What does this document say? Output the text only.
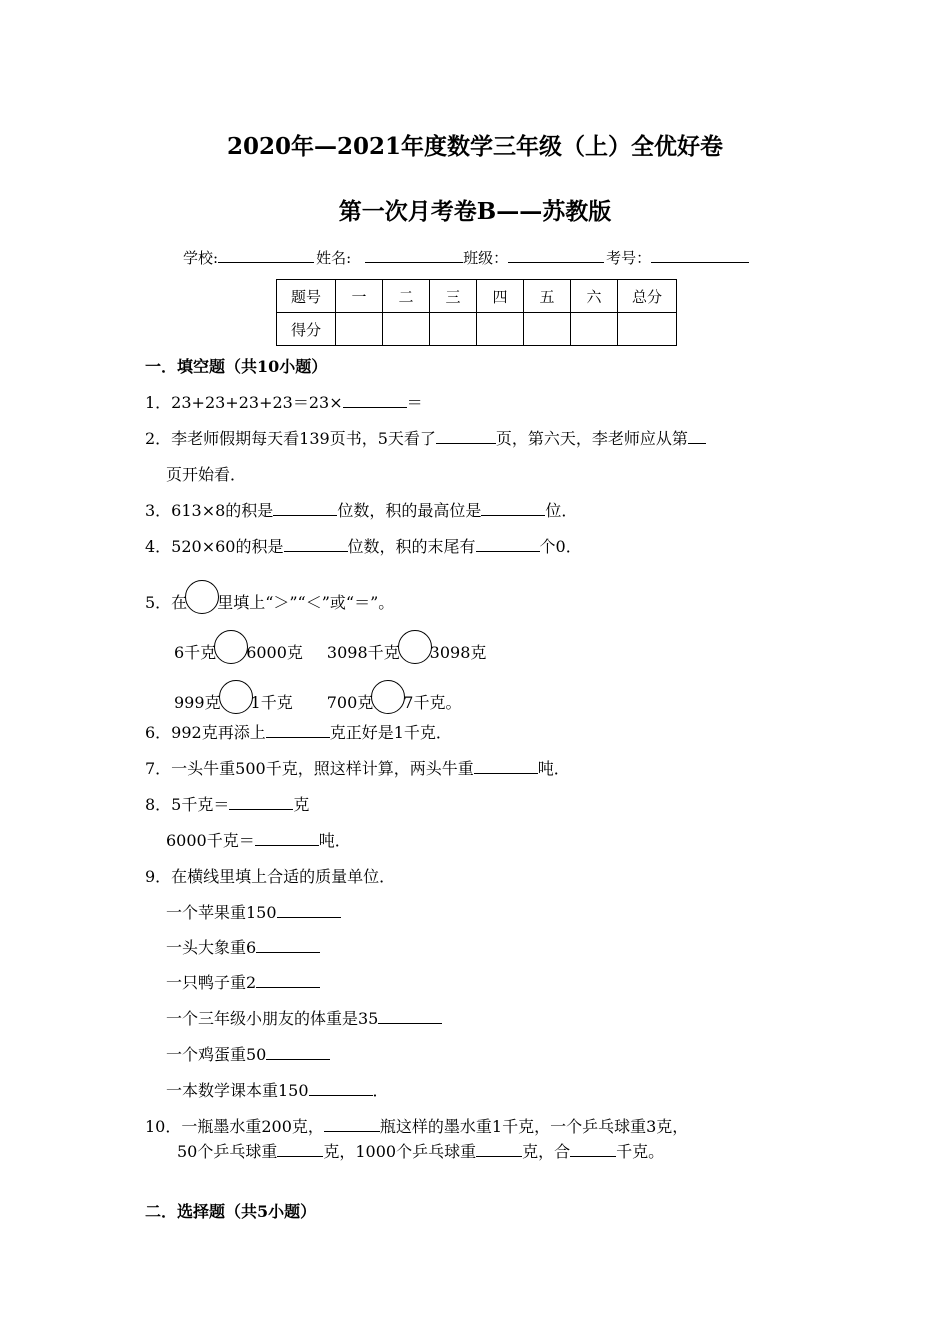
2020年—2021年度数学三年级（上）全优好卷
第一次月考卷B——苏教版
学校:	姓名:	班级：	考号：
题号	一	二	三	四	五	六	总分
得分							
一．填空题（共10小题）
1．23+23+23+23＝23×	＝
2．李老师假期每天看139页书，5天看了	页，第六天，李老师应从第
页开始看．
3．613×8的积是	位数，积的最高位是	位．
4．520×60的积是	位数，积的末尾有	个0．
5．在 里填上“＞”“＜”或“＝”。
6千克 6000克 3098千克 3098克
999克 1千克 700克 7千克。
6．992克再添上	克正好是1千克．
7．一头牛重500千克，照这样计算，两头牛重	吨．
8．5千克＝	克
6000千克＝	吨．
9．在横线里填上合适的质量单位．
一个苹果重150
一头大象重6
一只鸭子重2
一个三年级小朋友的体重是35
一个鸡蛋重50
一本数学课本重150	．
10．一瓶墨水重200克，	瓶这样的墨水重1千克，一个乒乓球重3克，
50个乒乓球重	克，1000个乒乓球重	克，合	千克。
二．选择题（共5小题）
